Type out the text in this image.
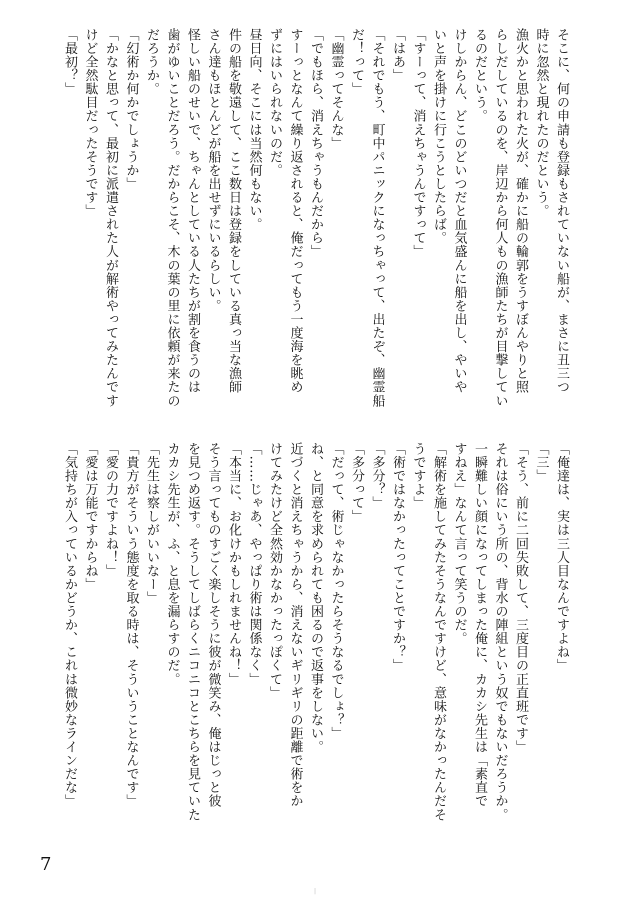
そこに、何の申請も登録もされていない船が、まさに丑三つ
時に忽然と現れたのだという。
漁火かと思われた火が、確かに船の輪郭をうすぼんやりと照
らしだしているのを、岸辺から何人もの漁師たちが目撃してい
るのだという。
けしからん、どこのどいつだと血気盛んに船を出し、やいや
いと声を掛けに行こうとしたらば。
「すーって、消えちゃうんですって」
「はあ」
「それでもう、町中パニックになっちゃって、出たぞ、幽霊船
だ！って」
「幽霊ってそんな」
「でもほら、消えちゃうもんだから」
すーっとなんて繰り返されると、俺だってもう一度海を眺め
ずにはいられないのだ。
昼日向、そこには当然何もない。
件の船を敬遠して、ここ数日は登録をしている真っ当な漁師
さん達もほとんどが船を出せずにいるらしい。
怪しい船のせいで、ちゃんとしている人たちが割を食うのは
歯がゆいことだろう。だからこそ、木の葉の里に依頼が来たの
だろうか。
「幻術か何かでしょうか」
「かなと思って、最初に派遣された人が解術やってみたんです
けど全然駄目だったそうです」
「最初？」
「俺達は、実は三人目なんですよね」
「三」
「そう、前に二回失敗して、三度目の正直班です」
それは俗にいう所の、背水の陣組という奴でもないだろうか。
一瞬難しい顔になってしまった俺に、カカシ先生は「素直で
すねえ」なんて言って笑うのだ。
「解術を施してみたそうなんですけど、意味がなかったんだそ
うですよ」
「術ではなかったってことですか？」
「多分？」
「多分って」
「だって、術じゃなかったらそうなるでしょ？」
ね、と同意を求められても困るので返事をしない。
近づくと消えちゃうから、消えないギリギリの距離で術をか
けてみたけど全然効かなかったっぽくて」
「……じゃあ、やっぱり術は関係なく」
「本当に、お化けかもしれませんね！」
そう言ってものすごく楽しそうに彼が微笑み、俺はじっと彼
を見つめ返す。そうしてしばらくニコニコとこちらを見ていた
カカシ先生が、ふ、と息を漏らすのだ。
「先生は察しがいいなー」
「貴方がそういう態度を取る時は、そういうことなんです」
「愛の力ですよね！」
「愛は万能ですからね」
「気持ちが入っているかどうか、これは微妙なラインだな」
7
|
